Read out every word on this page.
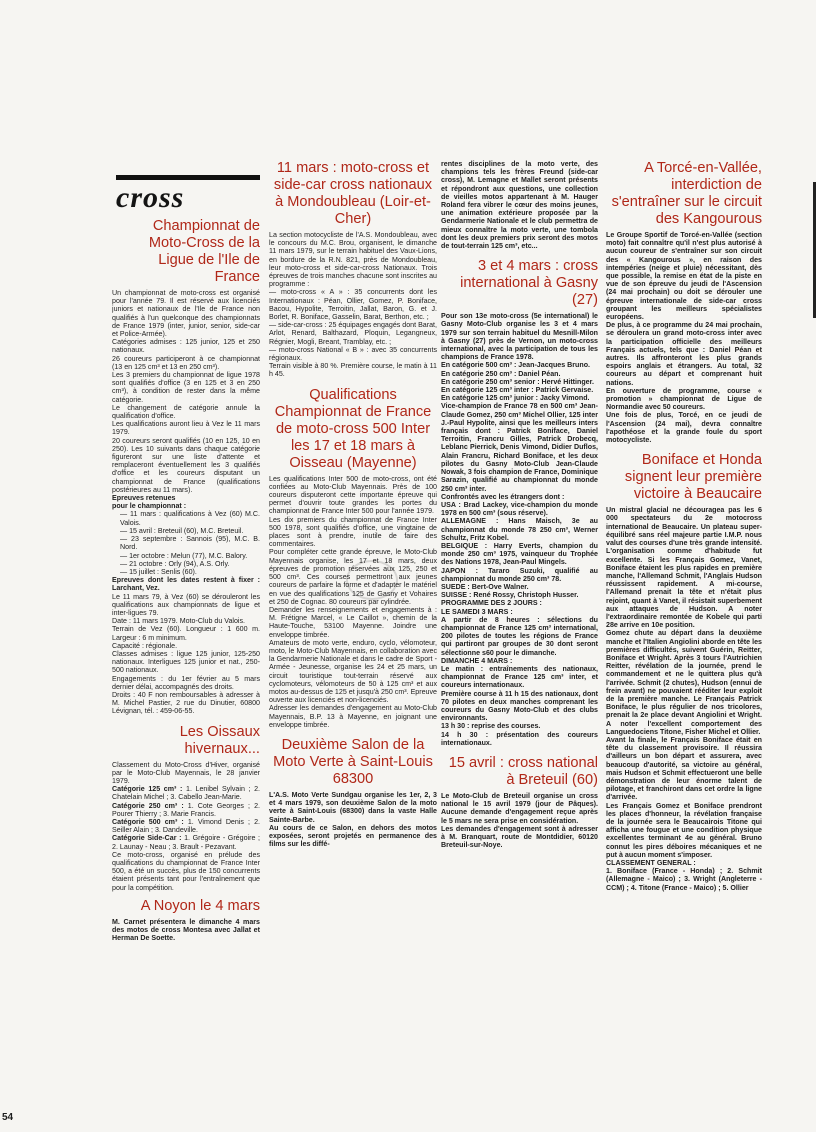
cross
Championnat de Moto-Cross de la Ligue de l'Ile de France

Un championnat de moto-cross est organisé pour l'année 79. Il est réservé aux licenciés juniors et nationaux de l'Ile de France non qualifiés à l'un quelconque des championnats de France 1979 (inter, junior, senior, side-car et Police-Armée).

Catégories admises : 125 junior, 125 et 250 nationaux.

26 coureurs participeront à ce championnat (13 en 125 cm³ et 13 en 250 cm³).

Les 3 premiers du championnat de ligue 1978 sont qualifiés d'office (3 en 125 et 3 en 250 cm³), à condition de rester dans la même catégorie.

Le changement de catégorie annule la qualification d'office.

Les qualifications auront lieu à Vez le 11 mars 1979.

20 coureurs seront qualifiés (10 en 125, 10 en 250). Les 10 suivants dans chaque catégorie figureront sur une liste d'attente et remplaceront éventuellement les 3 qualifiés d'office et les coureurs disputant un championnat de France (qualifications postérieures au 11 mars).

Epreuves retenues

pour le championnat :

— 11 mars : qualifications à Vez (60) M.C. Valois.

— 15 avril : Breteuil (60), M.C. Breteuil.

— 23 septembre : Sannois (95), M.C. B. Nord.

— 1er octobre : Melun (77), M.C. Balory.

— 21 octobre : Orly (94), A.S. Orly.

— 15 juillet : Senlis (60).

Epreuves dont les dates restent à fixer : Larchant, Vez.

Le 11 mars 79, à Vez (60) se dérouleront les qualifications aux championnats de ligue et inter-ligues 79.

Date : 11 mars 1979. Moto-Club du Valois.

Terrain de Vez (60). Longueur : 1 600 m. Largeur : 6 m minimum.

Capacité : régionale.

Classes admises : ligue 125 junior, 125-250 nationaux. Interligues 125 junior et nat., 250-500 nationaux.

Engagements : du 1er février au 5 mars dernier délai, accompagnés des droits.

Droits : 40 F non remboursables à adresser à M. Michel Pastier, 2 rue du Dinutier, 60800 Lévignan, tél. : 459-06-55.

Les Oissaux hivernaux...

Classement du Moto-Cross d'Hiver, organisé par le Moto-Club Mayennais, le 28 janvier 1979.

Catégorie 125 cm³ : 1. Lenibel Sylvain ; 2. Chatelain Michel ; 3. Cabello Jean-Marie.

Catégorie 250 cm³ : 1. Cote Georges ; 2. Pourer Thierry ; 3. Marie Francis.

Catégorie 500 cm³ : 1. Vimond Denis ; 2. Seiller Alain ; 3. Dandeville.

Catégorie Side-Car : 1. Grégoire - Grégoire ; 2. Launay - Neau ; 3. Brault - Pezavant.

Ce moto-cross, organisé en prélude des qualifications du championnat de France Inter 500, a été un succès, plus de 150 concurrents étaient présents tant pour l'entraînement que pour la compétition.

A Noyon le 4 mars

M. Carnet présentera le dimanche 4 mars des motos de cross Montesa avec Jallat et Herman De Soette.

11 mars : moto-cross et side-car cross nationaux à Mondoubleau (Loir-et-Cher)

La section motocycliste de l'A.S. Mondoubleau, avec le concours du M.C. Brou, organisent, le dimanche 11 mars 1979, sur le terrain habituel des Vaux-Lions, en bordure de la R.N. 821, près de Mondoubleau, leur moto-cross et side-car-cross Nationaux. Trois épreuves de trois manches chacune sont inscrites au programme :

— moto-cross « A » : 35 concurrents dont les Internationaux : Péan, Ollier, Gomez, P. Boniface, Bacou, Hypolite, Terroitin, Jallat, Baron, G. et J. Borlet, R. Boniface, Gasselin, Barat, Berthon, etc. ;

— side-car-cross : 25 équipages engagés dont Barat, Arlot, Renard, Balthazard, Ploquin, Legangneux, Régnier, Mogli, Breant, Tramblay, etc. ;

— moto-cross National « B » : avec 35 concurrents régionaux.

Terrain visible à 80 %. Première course, le matin à 11 h 45.

Qualifications Championnat de France de moto-cross 500 Inter les 17 et 18 mars à Oisseau (Mayenne)

Les qualifications Inter 500 de moto-cross, ont été confiées au Moto-Club Mayennais. Près de 100 coureurs disputeront cette importante épreuve qui permet d'ouvrir toute grandes les portes du championnat de France Inter 500 pour l'année 1979.

Les dix premiers du championnat de France Inter 500 1978, sont qualifiés d'office, une vingtaine de places sont à prendre, inutile de faire des commentaires.

Pour compléter cette grande épreuve, le Moto-Club Mayennais organise, les 17 et 18 mars, deux épreuves de promotion réservées aux 125, 250 et 500 cm³. Ces courses permettront aux jeunes coureurs de parfaire la forme et d'adapter le matériel en vue des qualifications 125 de Gasny et Vohaires et 250 de Cognac. 80 coureurs par cylindrée.

Demander les renseignements et engagements à : M. Frétigne Marcel, « Le Caillot », chemin de la Haute-Touche, 53100 Mayenne. Joindre une enveloppe timbrée.

Amateurs de moto verte, enduro, cyclo, vélomoteur, moto, le Moto-Club Mayennais, en collaboration avec la Gendarmerie Nationale et dans le cadre de Sport - Armée - Jeunesse, organise les 24 et 25 mars, un circuit touristique tout-terrain réservé aux cyclomoteurs, vélomoteurs de 50 à 125 cm³ et aux motos au-dessus de 125 et jusqu'à 250 cm³. Epreuve ouverte aux licenciés et non-licenciés.

Adresser les demandes d'engagement au Moto-Club Mayennais, B.P. 13 à Mayenne, en joignant une enveloppe timbrée.

Deuxième Salon de la Moto Verte à Saint-Louis 68300

L'A.S. Moto Verte Sundgau organise les 1er, 2, 3 et 4 mars 1979, son deuxième Salon de la moto verte à Saint-Louis (68300) dans la vaste Halle Sainte-Barbe.

Au cours de ce Salon, en dehors des motos exposées, seront projetés en permanence des films sur les diffé-

rentes disciplines de la moto verte, des champions tels les frères Freund (side-car cross), M. Lemagne et Mallet seront présents et répondront aux questions, une collection de vieilles motos appartenant à M. Hauger Roland fera vibrer le cœur des moins jeunes, une animation extérieure proposée par la Gendarmerie Nationale et le club permettra de mieux connaître la moto verte, une tombola dont les deux premiers prix seront des motos de tout-terrain 125 cm³, etc...

3 et 4 mars : cross international à Gasny (27)

Pour son 13e moto-cross (5e international) le Gasny Moto-Club organise les 3 et 4 mars 1979 sur son terrain habituel du Mesnill-Milon à Gasny (27) près de Vernon, un moto-cross international, avec la participation de tous les champions de France 1978.

En catégorie 500 cm³ : Jean-Jacques Bruno.

En catégorie 250 cm³ : Daniel Péan.

En catégorie 250 cm³ senior : Hervé Hittinger.

En catégorie 125 cm³ inter : Patrick Gervaise.

En catégorie 125 cm³ junior : Jacky Vimond.

Vice-champion de France 78 en 500 cm³ Jean-Claude Gomez, 250 cm³ Michel Ollier, 125 inter J.-Paul Hypolite, ainsi que les meilleurs inters français dont : Patrick Boniface, Daniel Terroitin, Francru Gilles, Patrick Drobecq, Leblanc Pierrick, Denis Vimond, Didier Duflos, Alain Francru, Richard Boniface, et les deux pilotes du Gasny Moto-Club Jean-Claude Nowak, 3 fois champion de France, Dominique Sarazin, qualifié au championnat du monde 250 cm³ inter.

Confrontés avec les étrangers dont :

USA : Brad Lackey, vice-champion du monde 1978 en 500 cm³ (sous réserve).

ALLEMAGNE : Hans Maisch, 3e au championnat du monde 78 250 cm³, Werner Schultz, Fritz Kobel.

BELGIQUE : Harry Everts, champion du monde 250 cm³ 1975, vainqueur du Trophée des Nations 1978, Jean-Paul Mingels.

JAPON : Tararo Suzuki, qualifié au championnat du monde 250 cm³ 78.

SUEDE : Bert-Ove Walner.

SUISSE : René Rossy, Christoph Husser.

PROGRAMME DES 2 JOURS :

LE SAMEDI 3 MARS :

A partir de 8 heures : sélections du championnat de France 125 cm³ international, 200 pilotes de toutes les régions de France qui partiront par groupes de 30 dont seront sélectionne s60 pour le dimanche.

DIMANCHE 4 MARS :

Le matin : entraînements des nationaux, championnat de France 125 cm³ inter, et coureurs internationaux.

Première course à 11 h 15 des nationaux, dont 70 pilotes en deux manches comprenant les coureurs du Gasny Moto-Club et des clubs environnants.

13 h 30 : reprise des courses.

14 h 30 : présentation des coureurs internationaux.

15 avril : cross national à Breteuil (60)

Le Moto-Club de Breteuil organise un cross national le 15 avril 1979 (jour de Pâques). Aucune demande d'engagement reçue après le 5 mars ne sera prise en considération.

Les demandes d'engagement sont à adresser à M. Branquart, route de Montdidier, 60120 Breteuil-sur-Noye.

A Torcé-en-Vallée, interdiction de s'entraîner sur le circuit des Kangourous

Le Groupe Sportif de Torcé-en-Vallée (section moto) fait connaître qu'il n'est plus autorisé à aucun coureur de s'entraîner sur son circuit des « Kangourous », en raison des intempéries (neige et pluie) nécessitant, dès que possible, la remise en état de la piste en vue de son épreuve du jeudi de l'Ascension (24 mai prochain) ou doit se dérouler une épreuve internationale de side-car cross groupant les meilleurs spécialistes européens.

De plus, à ce programme du 24 mai prochain, se déroulera un grand moto-cross inter avec la participation officielle des meilleurs Français actuels, tels que : Daniel Péan et autres. Ils affronteront les plus grands espoirs anglais et étrangers. Au total, 32 coureurs au départ et comprenant huit nations.

En ouverture de programme, course « promotion » championnat de Ligue de Normandie avec 50 coureurs.

Une fois de plus, Torcé, en ce jeudi de l'Ascension (24 mai), devra connaître l'apothéose et la grande foule du sport motocycliste.

Boniface et Honda signent leur première victoire à Beaucaire

Un mistral glacial ne décourageа pas les 6 000 spectateurs du 2e motocross international de Beaucaire. Un plateau super-équilibré sans réel majeure partie I.M.P. nous valut des courses d'une très grande intensité. L'organisation comme d'habitude fut excellente. Si les Français Gomez, Vanet, Boniface étaient les plus rapides en première manche, l'Allemand Schmit, l'Anglais Hudson réussissent rapidement. A mi-course, l'Allemand prenait la tête et n'était plus rejoint, quant à Vanet, il résistait superbement aux attaques de Hudson. A noter l'extraordinaire remontée de Kobele qui parti 28e arrive en 10e position.

Gomez chute au départ dans la deuxième manche et l'Italien Angiolini aborde en tête les premières difficultés, suivent Guérin, Reitter, Boniface et Wright. Après 3 tours l'Autrichien Reitter, révélation de la journée, prend le commandement et ne le quittera plus qu'à l'arrivée. Schmit (2 chutes), Hudson (ennui de frein avant) ne pouvaient rééditer leur exploit de la première manche. Le Français Patrick Boniface, le plus régulier de nos tricolores, prenait la 2e place devant Angiolini et Wright. A noter l'excellent comportement des Languedociens Titone, Fisher Michel et Ollier.

Avant la finale, le Français Boniface était en tête du classement provisoire. Il réussira d'ailleurs un bon départ et assurera, avec beaucoup d'autorité, sa victoire au général, mais Hudson et Schmit effectueront une belle démonstration de leur énorme talent de pilotage, et franchiront dans cet ordre la ligne d'arrivée.

Les Français Gomez et Boniface prendront les places d'honneur, la révélation française de la journée sera le Beaucairois Titone qui afficha une fougue et une condition physique excellentes terminant 4e au général. Bruno connut les pires déboires mécaniques et ne put à aucun moment s'imposer.

CLASSEMENT GENERAL :

1. Boniface (France - Honda) ; 2. Schmit (Allemagne - Maico) ; 3. Wright (Angleterre - CCM) ; 4. Titone (France - Maico) ; 5. Ollier

54
